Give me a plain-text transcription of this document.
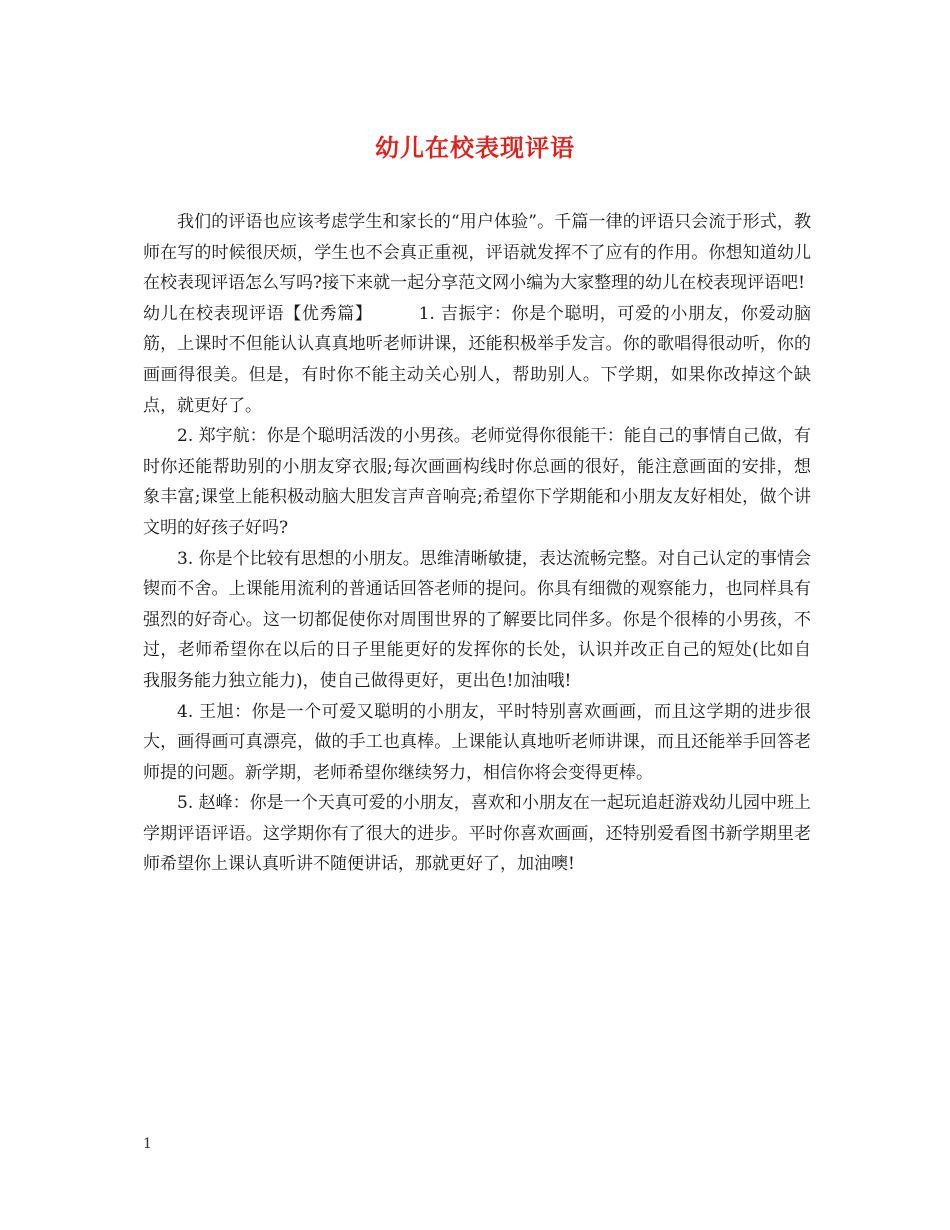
幼儿在校表现评语

我们的评语也应该考虑学生和家长的“用户体验”。千篇一律的评语只会流于形式，教师在写的时候很厌烦，学生也不会真正重视，评语就发挥不了应有的作用。你想知道幼儿在校表现评语怎么写吗?接下来就一起分享范文网小编为大家整理的幼儿在校表现评语吧!

幼儿在校表现评语【优秀篇】	1. 吉振宇：你是个聪明，可爱的小朋友，你爱动脑筋，上课时不但能认认真真地听老师讲课，还能积极举手发言。你的歌唱得很动听，你的画画得很美。但是，有时你不能主动关心别人，帮助别人。下学期，如果你改掉这个缺点，就更好了。

2. 郑宇航：你是个聪明活泼的小男孩。老师觉得你很能干：能自己的事情自己做，有时你还能帮助别的小朋友穿衣服;每次画画构线时你总画的很好，能注意画面的安排，想象丰富;课堂上能积极动脑大胆发言声音响亮;希望你下学期能和小朋友友好相处，做个讲文明的好孩子好吗?

3. 你是个比较有思想的小朋友。思维清晰敏捷，表达流畅完整。对自己认定的事情会锲而不舍。上课能用流利的普通话回答老师的提问。你具有细微的观察能力，也同样具有强烈的好奇心。这一切都促使你对周围世界的了解要比同伴多。你是个很棒的小男孩，不过，老师希望你在以后的日子里能更好的发挥你的长处，认识并改正自己的短处(比如自我服务能力独立能力)，使自己做得更好，更出色!加油哦!

4. 王旭：你是一个可爱又聪明的小朋友，平时特别喜欢画画，而且这学期的进步很大，画得画可真漂亮，做的手工也真棒。上课能认真地听老师讲课，而且还能举手回答老师提的问题。新学期，老师希望你继续努力，相信你将会变得更棒。

5. 赵峰：你是一个天真可爱的小朋友，喜欢和小朋友在一起玩追赶游戏幼儿园中班上学期评语评语。这学期你有了很大的进步。平时你喜欢画画，还特别爱看图书新学期里老师希望你上课认真听讲不随便讲话，那就更好了，加油噢!

1
